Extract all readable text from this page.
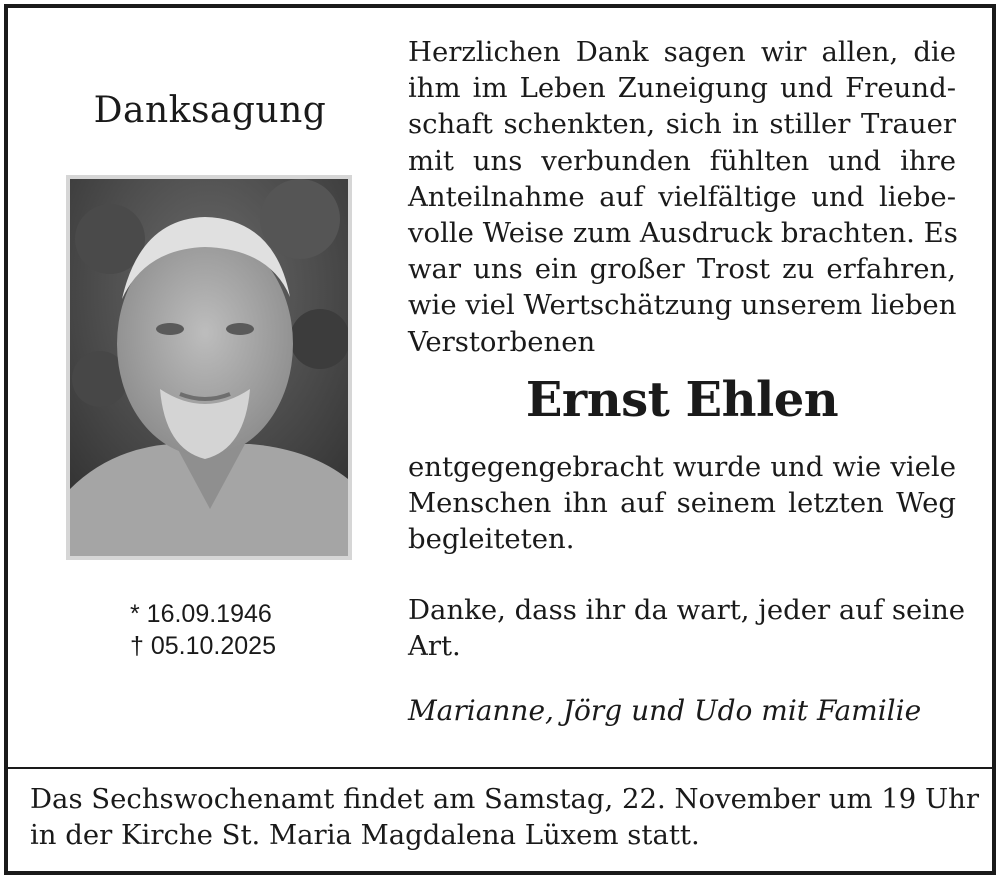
Danksagung
* 16.09.1946
† 05.10.2025
Herzlichen Dank sagen wir allen, die
ihm im Leben Zuneigung und Freund-
schaft schenkten, sich in stiller Trauer
mit uns verbunden fühlten und ihre
Anteilnahme auf vielfältige und liebe-
volle Weise zum Ausdruck brachten. Es
war uns ein großer Trost zu erfahren,
wie viel Wertschätzung unserem lieben
Verstorbenen
Ernst Ehlen
entgegengebracht wurde und wie viele
Menschen ihn auf seinem letzten Weg
begleiteten.
Danke, dass ihr da wart, jeder auf seine
Art.
Marianne, Jörg und Udo mit Familie
Das Sechswochenamt findet am Samstag, 22. November um 19 Uhr
in der Kirche St. Maria Magdalena Lüxem statt.
